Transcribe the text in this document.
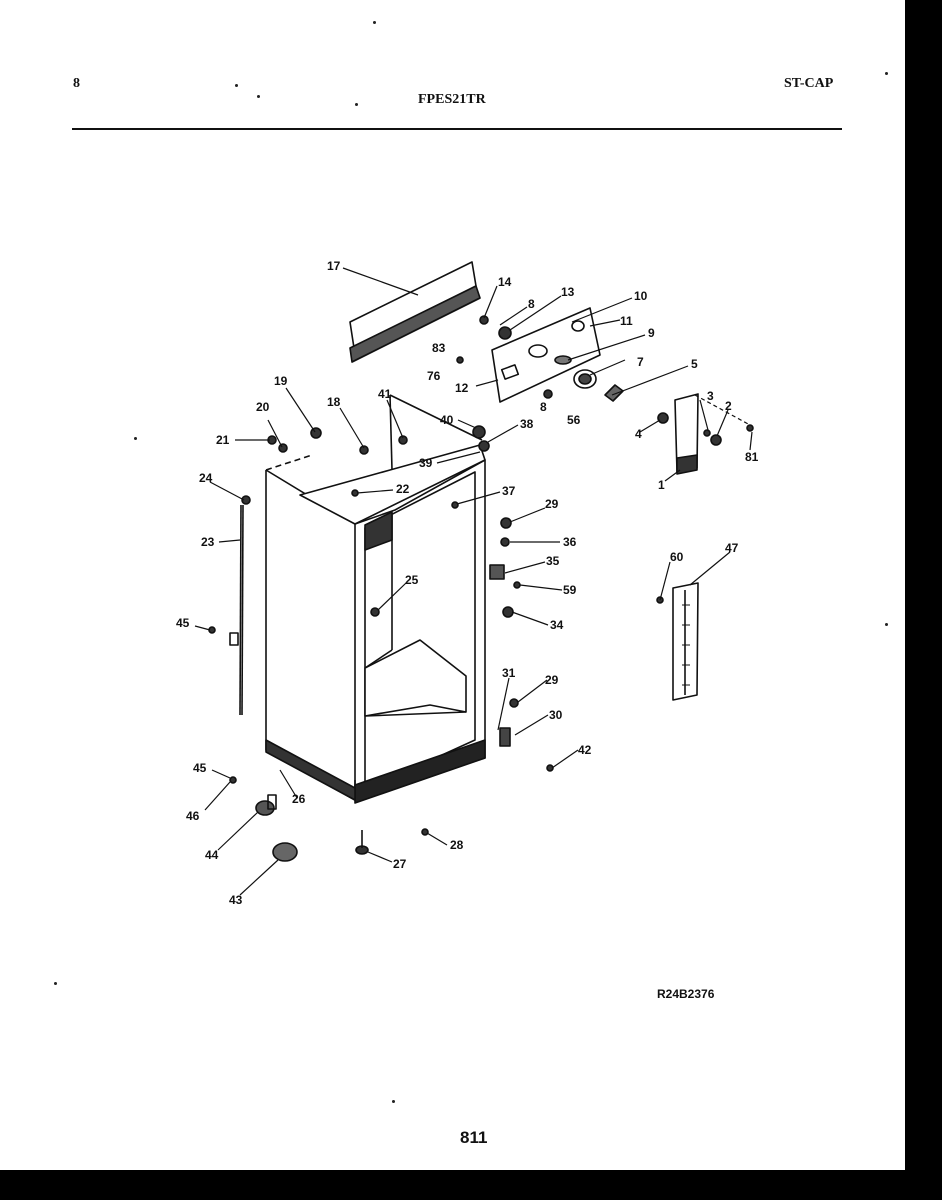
8
FPES21TR
ST-CAP
17
14
8
13	10
11
9
83
76
12
7	5
8
56
19
18
41
20
21
40	38
39
1
3
2
4
81
24
22	37
29
36
23
35
59
60
47
25
34
45
31 29
30
42
45
26
46
44
28
27
43
R24B2376
811
